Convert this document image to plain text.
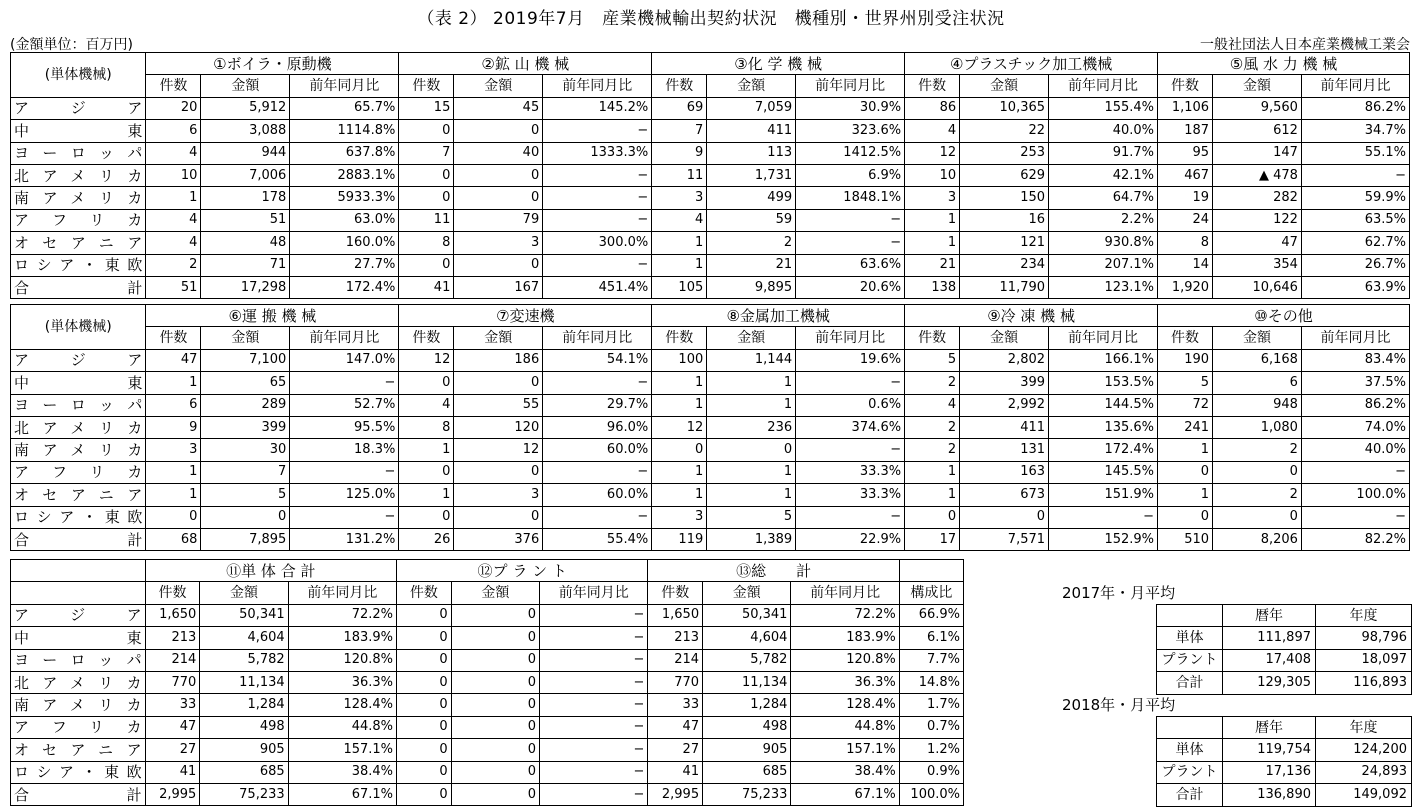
（表 2） 2019年7月　産業機械輸出契約状況　機種別・世界州別受注状況
(金額単位：百万円)	一般社団法人日本産業機械工業会
(単体機械)	①ボイラ・原動機			②鉱 山 機 械			③化 学 機 械			④プラスチック加工機械			⑤風 水 力 機 械		
	件数	金額	前年同月比	件数	金額	前年同月比	件数	金額	前年同月比	件数	金額	前年同月比	件数	金額	前年同月比
ア　ジ　ア	20	5,912	65.7%	15	45	145.2%	69	7,059	30.9%	86	10,365	155.4%	1,106	9,560	86.2%
中　　東	6	3,088	1114.8%	0	0	−	7	411	323.6%	4	22	40.0%	187	612	34.7%
ヨーロッパ	4	944	637.8%	7	40	1333.3%	9	113	1412.5%	12	253	91.7%	95	147	55.1%
北アメリカ	10	7,006	2883.1%	0	0	−	11	1,731	6.9%	10	629	42.1%	467	▲ 478	−
南アメリカ	1	178	5933.3%	0	0	−	3	499	1848.1%	3	150	64.7%	19	282	59.9%
アフリカ	4	51	63.0%	11	79	−	4	59	−	1	16	2.2%	24	122	63.5%
オセアニア	4	48	160.0%	8	3	300.0%	1	2	−	1	121	930.8%	8	47	62.7%
ロシア・東欧	2	71	27.7%	0	0	−	1	21	63.6%	21	234	207.1%	14	354	26.7%
合　　計	51	17,298	172.4%	41	167	451.4%	105	9,895	20.6%	138	11,790	123.1%	1,920	10,646	63.9%
(単体機械)	⑥運 搬 機 械			⑦変速機			⑧金属加工機械			⑨冷 凍 機 械			⑩その他		
	件数	金額	前年同月比	件数	金額	前年同月比	件数	金額	前年同月比	件数	金額	前年同月比	件数	金額	前年同月比
ア　ジ　ア	47	7,100	147.0%	12	186	54.1%	100	1,144	19.6%	5	2,802	166.1%	190	6,168	83.4%
中　　東	1	65	−	0	0	−	1	1	−	2	399	153.5%	5	6	37.5%
ヨーロッパ	6	289	52.7%	4	55	29.7%	1	1	0.6%	4	2,992	144.5%	72	948	86.2%
北アメリカ	9	399	95.5%	8	120	96.0%	12	236	374.6%	2	411	135.6%	241	1,080	74.0%
南アメリカ	3	30	18.3%	1	12	60.0%	0	0	−	2	131	172.4%	1	2	40.0%
アフリカ	1	7	−	0	0	−	1	1	33.3%	1	163	145.5%	0	0	−
オセアニア	1	5	125.0%	1	3	60.0%	1	1	33.3%	1	673	151.9%	1	2	100.0%
ロシア・東欧	0	0	−	0	0	−	3	5	−	0	0	−	0	0	−
合　　計	68	7,895	131.2%	26	376	55.4%	119	1,389	22.9%	17	7,571	152.9%	510	8,206	82.2%
	⑪単 体 合 計			⑫プ ラ ン ト			⑬総　　計			
	件数	金額	前年同月比	件数	金額	前年同月比	件数	金額	前年同月比	構成比
ア　ジ　ア	1,650	50,341	72.2%	0	0	−	1,650	50,341	72.2%	66.9%
中　　東	213	4,604	183.9%	0	0	−	213	4,604	183.9%	6.1%
ヨーロッパ	214	5,782	120.8%	0	0	−	214	5,782	120.8%	7.7%
北アメリカ	770	11,134	36.3%	0	0	−	770	11,134	36.3%	14.8%
南アメリカ	33	1,284	128.4%	0	0	−	33	1,284	128.4%	1.7%
アフリカ	47	498	44.8%	0	0	−	47	498	44.8%	0.7%
オセアニア	27	905	157.1%	0	0	−	27	905	157.1%	1.2%
ロシア・東欧	41	685	38.4%	0	0	−	41	685	38.4%	0.9%
合　　計	2,995	75,233	67.1%	0	0	−	2,995	75,233	67.1%	100.0%
2017年・月平均
	暦年	年度
単体	111,897	98,796
プラント	17,408	18,097
合計	129,305	116,893
2018年・月平均
	暦年	年度
単体	119,754	124,200
プラント	17,136	24,893
合計	136,890	149,092
